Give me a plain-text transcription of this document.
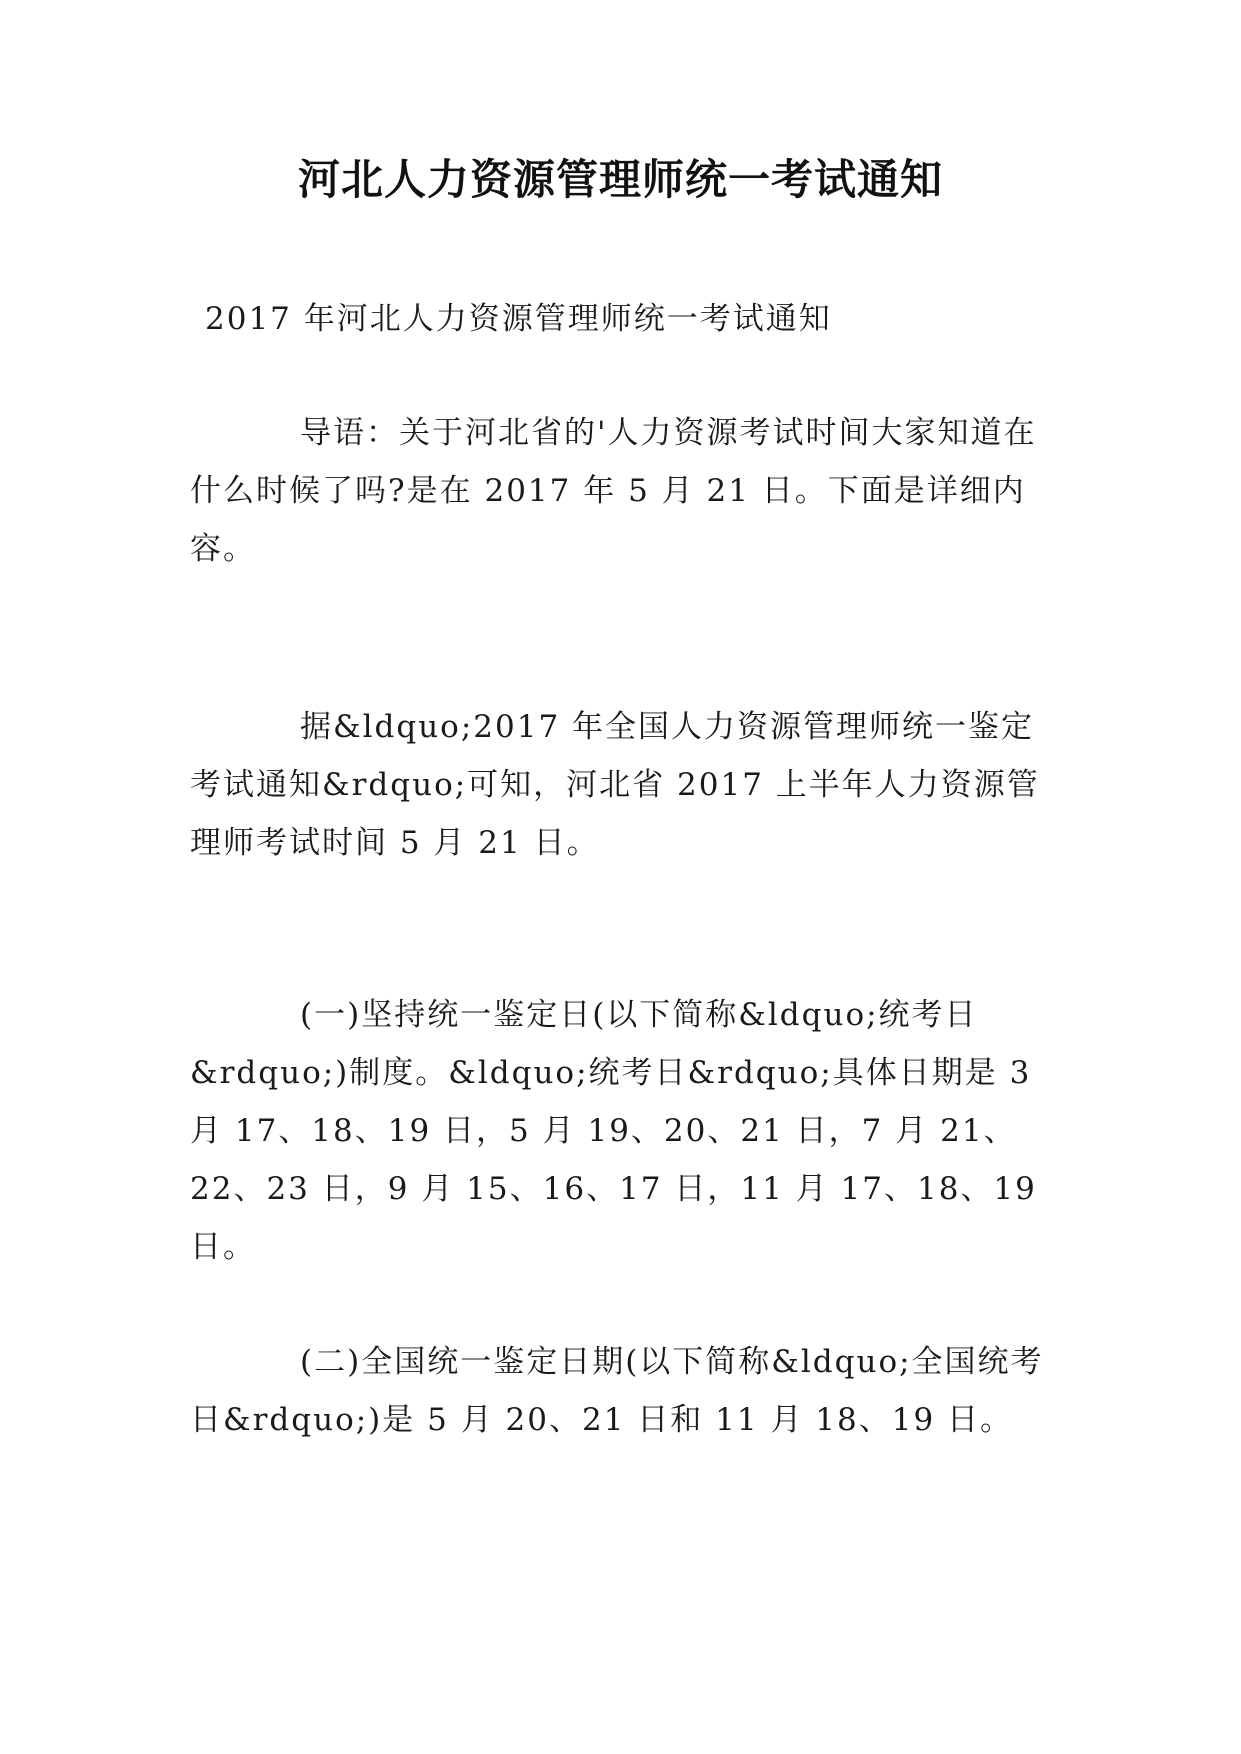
河北人力资源管理师统一考试通知

2017 年河北人力资源管理师统一考试通知

导语：关于河北省的'人力资源考试时间大家知道在什么时候了吗?是在 2017 年 5 月 21 日。下面是详细内容。

据&ldquo;2017 年全国人力资源管理师统一鉴定考试通知&rdquo;可知，河北省 2017 上半年人力资源管理师考试时间 5 月 21 日。

(一)坚持统一鉴定日(以下简称&ldquo;统考日&rdquo;)制度。&ldquo;统考日&rdquo;具体日期是 3 月 17、18、19 日，5 月 19、20、21 日，7 月 21、22、23 日，9 月 15、16、17 日，11 月 17、18、19 日。

(二)全国统一鉴定日期(以下简称&ldquo;全国统考日&rdquo;)是 5 月 20、21 日和 11 月 18、19 日。
